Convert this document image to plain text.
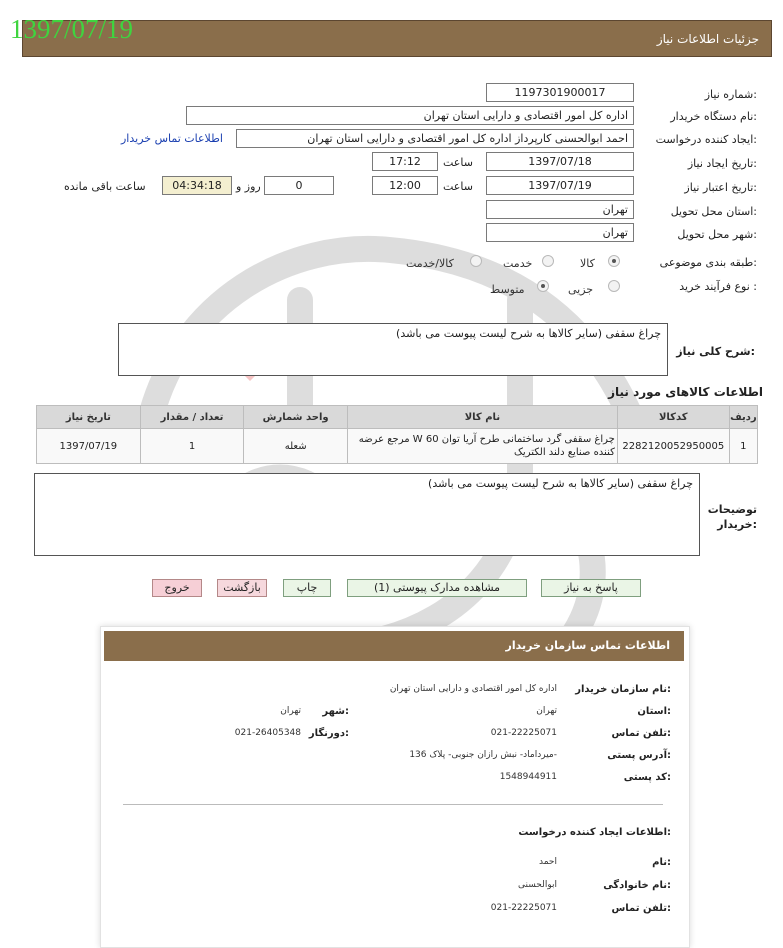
1397/07/19	جزئیات اطلاعات نیاز
شماره نیاز:
1197301900017
نام دستگاه خریدار:
اداره کل امور اقتصادی و دارایی استان تهران
ایجاد کننده درخواست:
احمد ابوالحسنی کارپرداز اداره کل امور اقتصادی و دارایی استان تهران
اطلاعات تماس خریدار
تاریخ ایجاد نیاز:
1397/07/18
ساعت
17:12
تاریخ اعتبار نیاز:
1397/07/19
ساعت
12:00
0
روز و
04:34:18
ساعت باقی مانده
استان محل تحویل:
تهران
شهر محل تحویل:
تهران
طبقه بندی موضوعی:
کالا
خدمت
کالا/خدمت
نوع فرآیند خرید :
جزیی
متوسط
شرح کلی نیاز:
چراغ سقفی (سایر کالاها به شرح لیست پیوست می باشد)
اطلاعات کالاهای مورد نیاز
ردیف	کدکالا	نام کالا	واحد شمارش	تعداد / مقدار	تاریخ نیاز
1	2282120052950005	چراغ سقفی گرد ساختمانی طرح آریا توان W 60 مرجع عرضه کننده صنایع دلند الکتریک	شعله	1	1397/07/19
توضیحات خریدار:
چراغ سقفی (سایر کالاها به شرح لیست پیوست می باشد)
پاسخ به نیاز
مشاهده مدارک پیوستی (1)
چاپ
بازگشت
خروج
اطلاعات تماس سازمان خریدار
نام سازمان خریدار:
اداره کل امور اقتصادی و دارایی استان تهران
استان:
تهران
شهر:
تهران
تلفن تماس:
021-22225071
دورنگار:
021-26405348
آدرس پستی:
میرداماد- نبش رازان جنوبی- پلاک 136-
کد پستی:
1548944911
اطلاعات ایجاد کننده درخواست:
نام:
احمد
نام خانوادگی:
ابوالحسنی
تلفن تماس:
021-22225071
